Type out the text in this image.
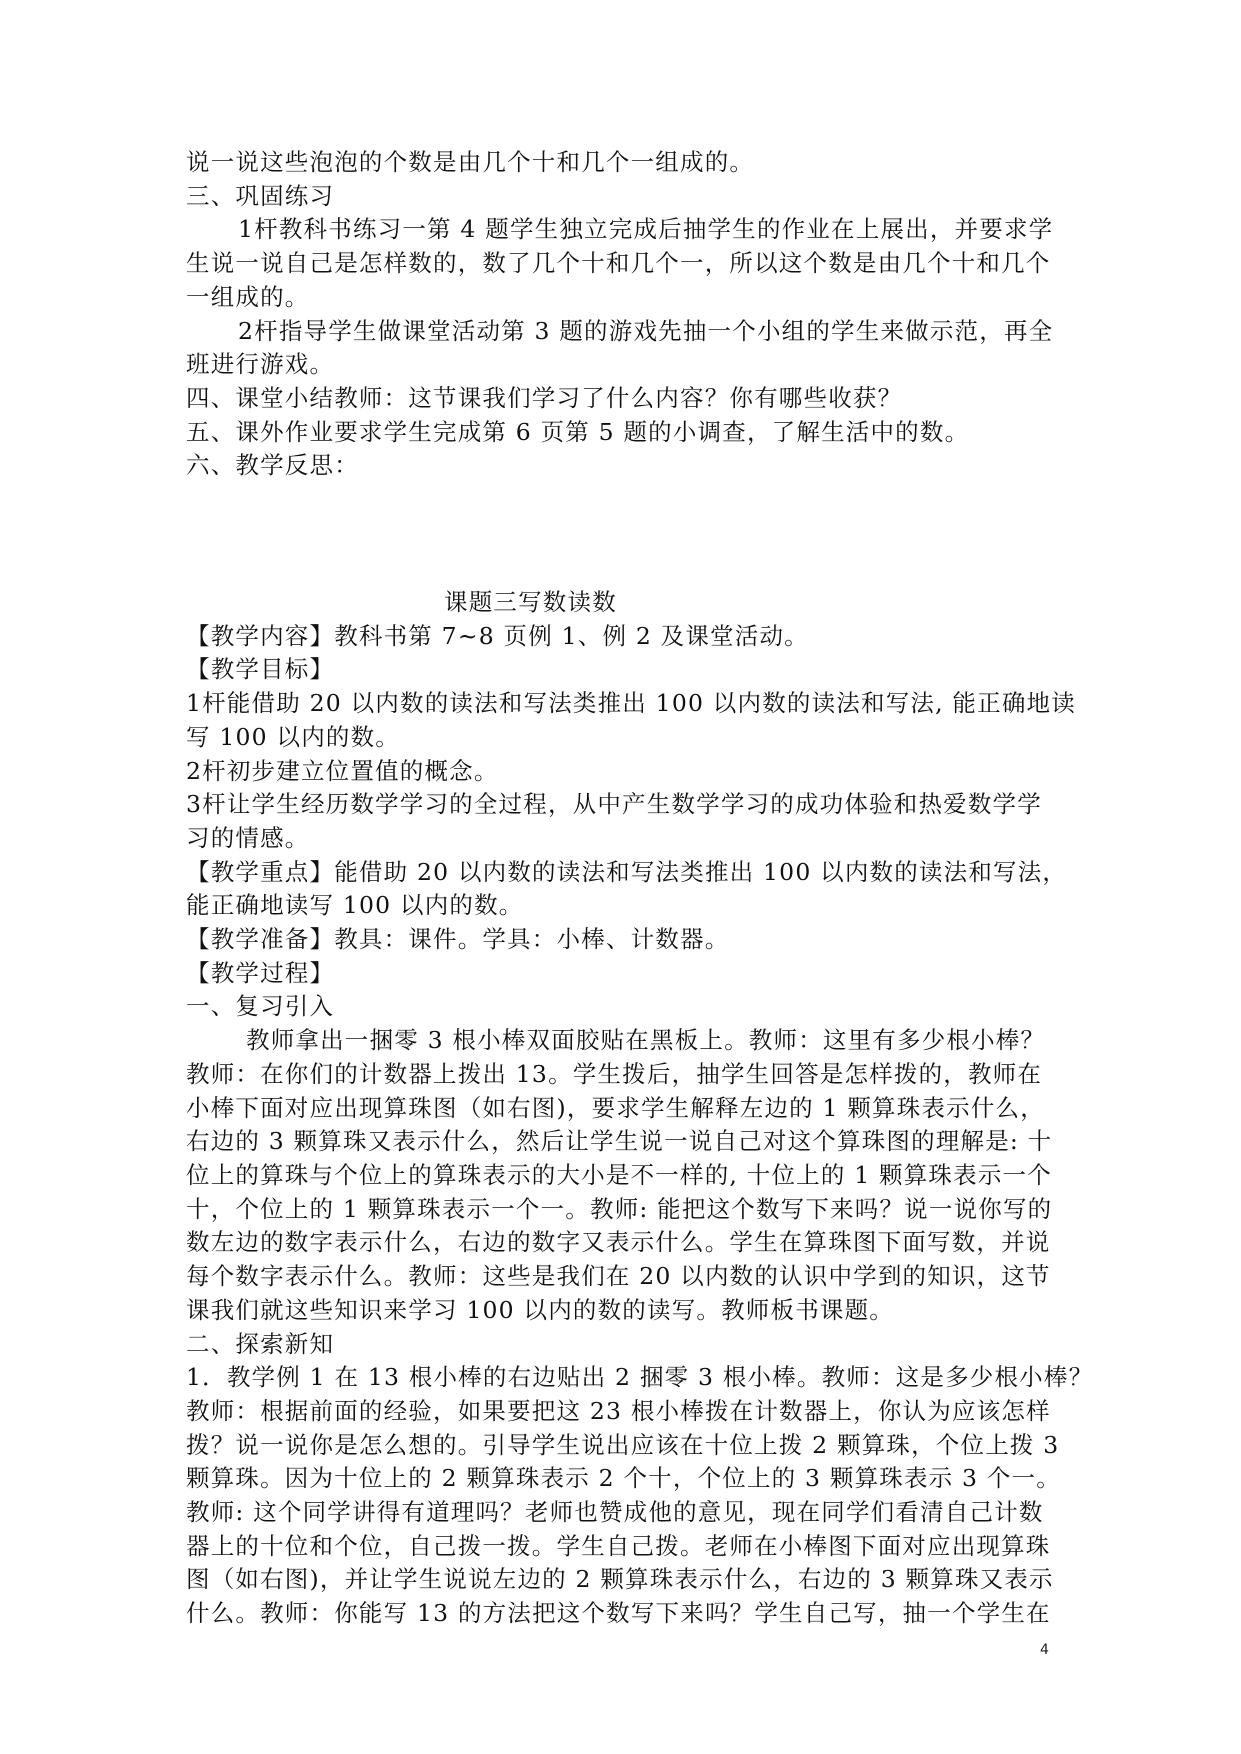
说一说这些泡泡的个数是由几个十和几个一组成的。
三、巩固练习
1杆教科书练习一第 4 题学生独立完成后抽学生的作业在上展出，并要求学
生说一说自己是怎样数的，数了几个十和几个一，所以这个数是由几个十和几个
一组成的。
2杆指导学生做课堂活动第 3 题的游戏先抽一个小组的学生来做示范，再全
班进行游戏。
四、课堂小结教师：这节课我们学习了什么内容？你有哪些收获？
五、课外作业要求学生完成第 6 页第 5 题的小调查，了解生活中的数。
六、教学反思：
课题三写数读数
【教学内容】教科书第 7~8 页例 1、例 2 及课堂活动。
【教学目标】
1杆能借助 20 以内数的读法和写法类推出 100 以内数的读法和写法, 能正确地读
写 100 以内的数。
2杆初步建立位置值的概念。
3杆让学生经历数学学习的全过程，从中产生数学学习的成功体验和热爱数学学
习的情感。
【教学重点】能借助 20 以内数的读法和写法类推出 100 以内数的读法和写法，
能正确地读写 100 以内的数。
【教学准备】教具：课件。学具：小棒、计数器。
【教学过程】
一、复习引入
教师拿出一捆零 3 根小棒双面胶贴在黑板上。教师：这里有多少根小棒？
教师：在你们的计数器上拨出 13。学生拨后，抽学生回答是怎样拨的，教师在
小棒下面对应出现算珠图（如右图)，要求学生解释左边的 1 颗算珠表示什么，
右边的 3 颗算珠又表示什么，然后让学生说一说自己对这个算珠图的理解是: 十
位上的算珠与个位上的算珠表示的大小是不一样的, 十位上的 1 颗算珠表示一个
十，个位上的 1 颗算珠表示一个一。教师: 能把这个数写下来吗？说一说你写的
数左边的数字表示什么，右边的数字又表示什么。学生在算珠图下面写数，并说
每个数字表示什么。教师：这些是我们在 20 以内数的认识中学到的知识，这节
课我们就这些知识来学习 100 以内的数的读写。教师板书课题。
二、探索新知
1．教学例 1 在 13 根小棒的右边贴出 2 捆零 3 根小棒。教师：这是多少根小棒？
教师：根据前面的经验，如果要把这 23 根小棒拨在计数器上，你认为应该怎样
拨？说一说你是怎么想的。引导学生说出应该在十位上拨 2 颗算珠，个位上拨 3
颗算珠。因为十位上的 2 颗算珠表示 2 个十，个位上的 3 颗算珠表示 3 个一。
教师: 这个同学讲得有道理吗？老师也赞成他的意见，现在同学们看清自己计数
器上的十位和个位，自己拨一拨。学生自己拨。老师在小棒图下面对应出现算珠
图（如右图)，并让学生说说左边的 2 颗算珠表示什么，右边的 3 颗算珠又表示
什么。教师：你能写 13 的方法把这个数写下来吗？学生自己写，抽一个学生在
4
